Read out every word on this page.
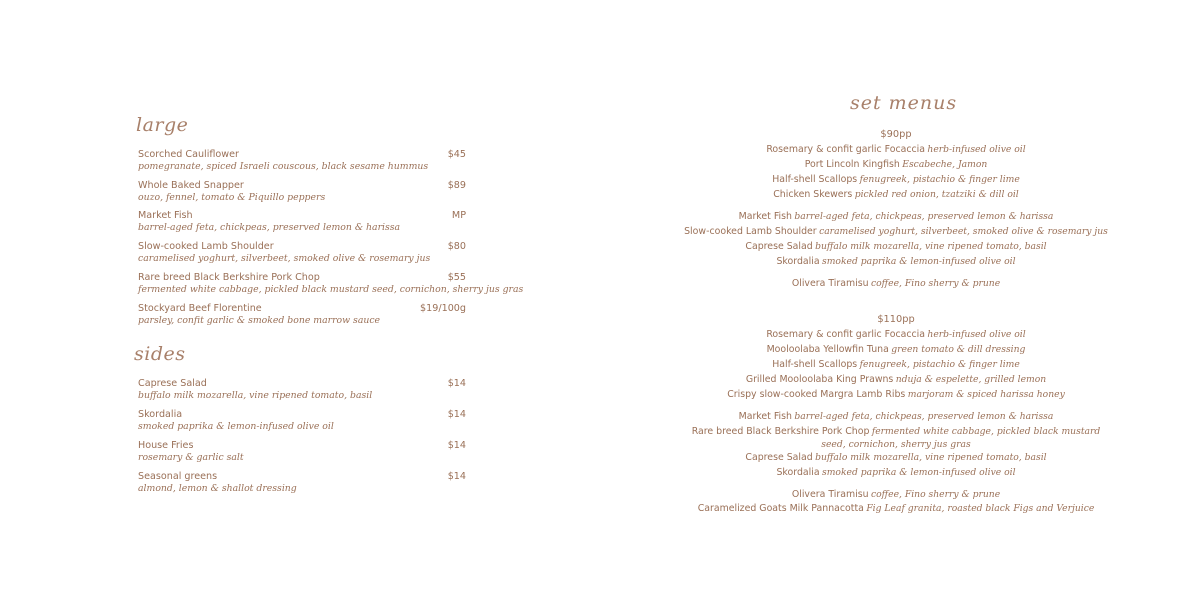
large
Scorched Cauliflower	$45
pomegranate, spiced Israeli couscous, black sesame hummus
Whole Baked Snapper	$89
ouzo, fennel, tomato & Piquillo peppers
Market Fish	MP
barrel-aged feta, chickpeas, preserved lemon & harissa
Slow-cooked Lamb Shoulder	$80
caramelised yoghurt, silverbeet, smoked olive & rosemary jus
Rare breed Black Berkshire Pork Chop	$55
fermented white cabbage, pickled black mustard seed, cornichon, sherry jus gras
Stockyard Beef Florentine	$19/100g
parsley, confit garlic & smoked bone marrow sauce
sides
Caprese Salad	$14
buffalo milk mozarella, vine ripened tomato, basil
Skordalia	$14
smoked paprika & lemon-infused olive oil
House Fries	$14
rosemary & garlic salt
Seasonal greens	$14
almond, lemon & shallot dressing
set menus
$90pp
Rosemary & confit garlic Focaccia herb-infused olive oil
Port Lincoln Kingfish Escabeche, Jamon
Half-shell Scallops fenugreek, pistachio & finger lime
Chicken Skewers pickled red onion, tzatziki & dill oil
Market Fish barrel-aged feta, chickpeas, preserved lemon & harissa
Slow-cooked Lamb Shoulder caramelised yoghurt, silverbeet, smoked olive & rosemary jus
Caprese Salad buffalo milk mozarella, vine ripened tomato, basil
Skordalia smoked paprika & lemon-infused olive oil
Olivera Tiramisu coffee, Fino sherry & prune
$110pp
Rosemary & confit garlic Focaccia herb-infused olive oil
Mooloolaba Yellowfin Tuna green tomato & dill dressing
Half-shell Scallops fenugreek, pistachio & finger lime
Grilled Mooloolaba King Prawns nduja & espelette, grilled lemon
Crispy slow-cooked Margra Lamb Ribs marjoram & spiced harissa honey
Market Fish barrel-aged feta, chickpeas, preserved lemon & harissa
Rare breed Black Berkshire Pork Chop fermented white cabbage, pickled black mustard seed, cornichon, sherry jus gras
Caprese Salad buffalo milk mozarella, vine ripened tomato, basil
Skordalia smoked paprika & lemon-infused olive oil
Olivera Tiramisu coffee, Fino sherry & prune
Caramelized Goats Milk Pannacotta Fig Leaf granita, roasted black Figs and Verjuice
